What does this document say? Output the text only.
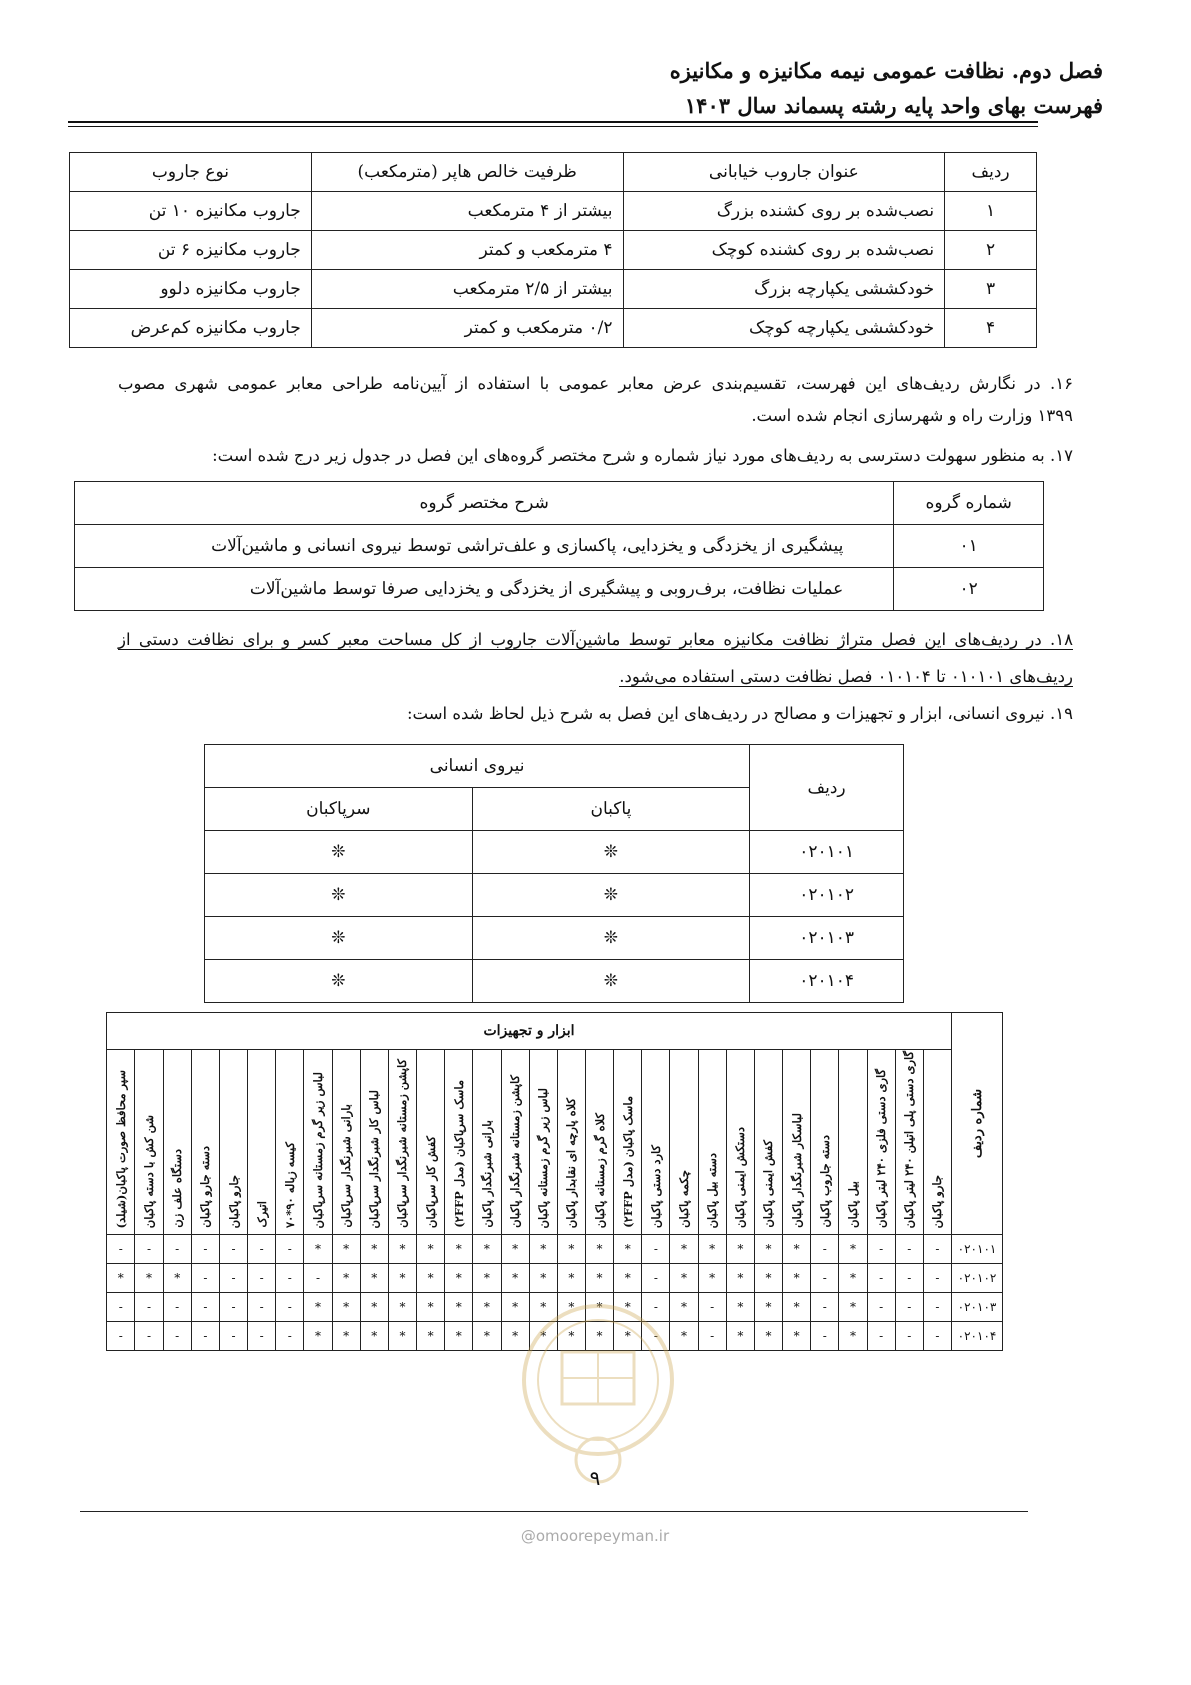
فصل دوم. نظافت عمومی نیمه مکانیزه و مکانیزه
فهرست بهای واحد پایه رشته پسماند سال ۱۴۰۳
ردیف	عنوان جاروب خیابانی	ظرفیت خالص هاپر (مترمکعب)	نوع جاروب
۱	نصب‌شده بر روی کشنده بزرگ	بیشتر از ۴ مترمکعب	جاروب مکانیزه ۱۰ تن
۲	نصب‌شده بر روی کشنده کوچک	۴ مترمکعب و کمتر	جاروب مکانیزه ۶ تن
۳	خودکششی یکپارچه بزرگ	بیشتر از ۲/۵ مترمکعب	جاروب مکانیزه دلوو
۴	خودکششی یکپارچه کوچک	۰/۲ مترمکعب و کمتر	جاروب مکانیزه کم‌عرض
۱۶. در نگارش ردیف‌های این فهرست، تقسیم‌بندی عرض معابر عمومی با استفاده از آیین‌نامه طراحی معابر عمومی شهری مصوب
۱۳۹۹ وزارت راه و شهرسازی انجام شده است.
۱۷. به منظور سهولت دسترسی به ردیف‌های مورد نیاز شماره و شرح مختصر گروه‌های این فصل در جدول زیر درج شده است:
شماره گروه	شرح مختصر گروه
۰۱	پیشگیری از یخزدگی و یخزدایی، پاکسازی و علف‌تراشی توسط نیروی انسانی و ماشین‌آلات
۰۲	عملیات نظافت، برف‌روبی و پیشگیری از یخزدگی و یخزدایی صرفا توسط ماشین‌آلات
۱۸. در ردیف‌های این فصل متراژ نظافت مکانیزه معابر توسط ماشین‌آلات جاروب از کل مساحت معبر کسر و برای نظافت دستی از
ردیف‌های ۰۱۰۱۰۱ تا ۰۱۰۱۰۴ فصل نظافت دستی استفاده می‌شود.
۱۹. نیروی انسانی، ابزار و تجهیزات و مصالح در ردیف‌های این فصل به شرح ذیل لحاظ شده است:
ردیف	نیروی انسانی	
	پاکبان	سرپاکبان
۰۲۰۱۰۱	❊	❊
۰۲۰۱۰۲	❊	❊
۰۲۰۱۰۳	❊	❊
۰۲۰۱۰۴	❊	❊
شماره ردیف	ابزار و تجهیزات																													

	جارو پاکبان	گاری دستی پلی اتیلن ۲۴۰ لیتر پاکبان	گاری دستی فلزی ۲۴۰ لیتر پاکبان	بیل پاکبان	دسته جاروب پاکبان	لباسکار شبرنگدار پاکبان	کفش ایمنی پاکبان	دستکش ایمنی پاکبان	دسته بیل پاکبان	چکمه پاکبان	کارد دستی پاکبان	ماسک پاکبان (مدل ۲FFP)	کلاه گرم زمستانه پاکبان	کلاه پارچه ای نقابدار پاکبان	لباس زیر گرم زمستانه پاکبان	کاپشن زمستانه شبرنگدار پاکبان	بارانی شبرنگدار پاکبان	ماسک سرپاکبان (مدل ۲FFP)	کفش کار سرپاکبان	کاپشن زمستانه شبرنگدار سرپاکبان	لباس کار شبرنگدار سرپاکبان	بارانی شبرنگدار سرپاکبان	لباس زیر گرم زمستانه سرپاکبان	کیسه زباله ۹۰*۷۰	اتیرک	جارو پاکبان	دسته جارو پاکبان	دستگاه علف زن	شن کش با دسته پاکبان	سپر محافظ صورت پاکبان(شیلد)

۰۲۰۱۰۱	-	-	-	*	-	*	*	*	*	*	-	*	*	*	*	*	*	*	*	*	*	*	*	-	-	-	-	-	-	-
۰۲۰۱۰۲	-	-	-	*	-	*	*	*	*	*	-	*	*	*	*	*	*	*	*	*	*	*	-	-	-	-	-	*	*	*
۰۲۰۱۰۳	-	-	-	*	-	*	*	*	-	*	-	*	*	*	*	*	*	*	*	*	*	*	*	-	-	-	-	-	-	-
۰۲۰۱۰۴	-	-	-	*	-	*	*	*	-	*	-	*	*	*	*	*	*	*	*	*	*	*	*	-	-	-	-	-	-	-
۹
@omoorepeyman.ir
